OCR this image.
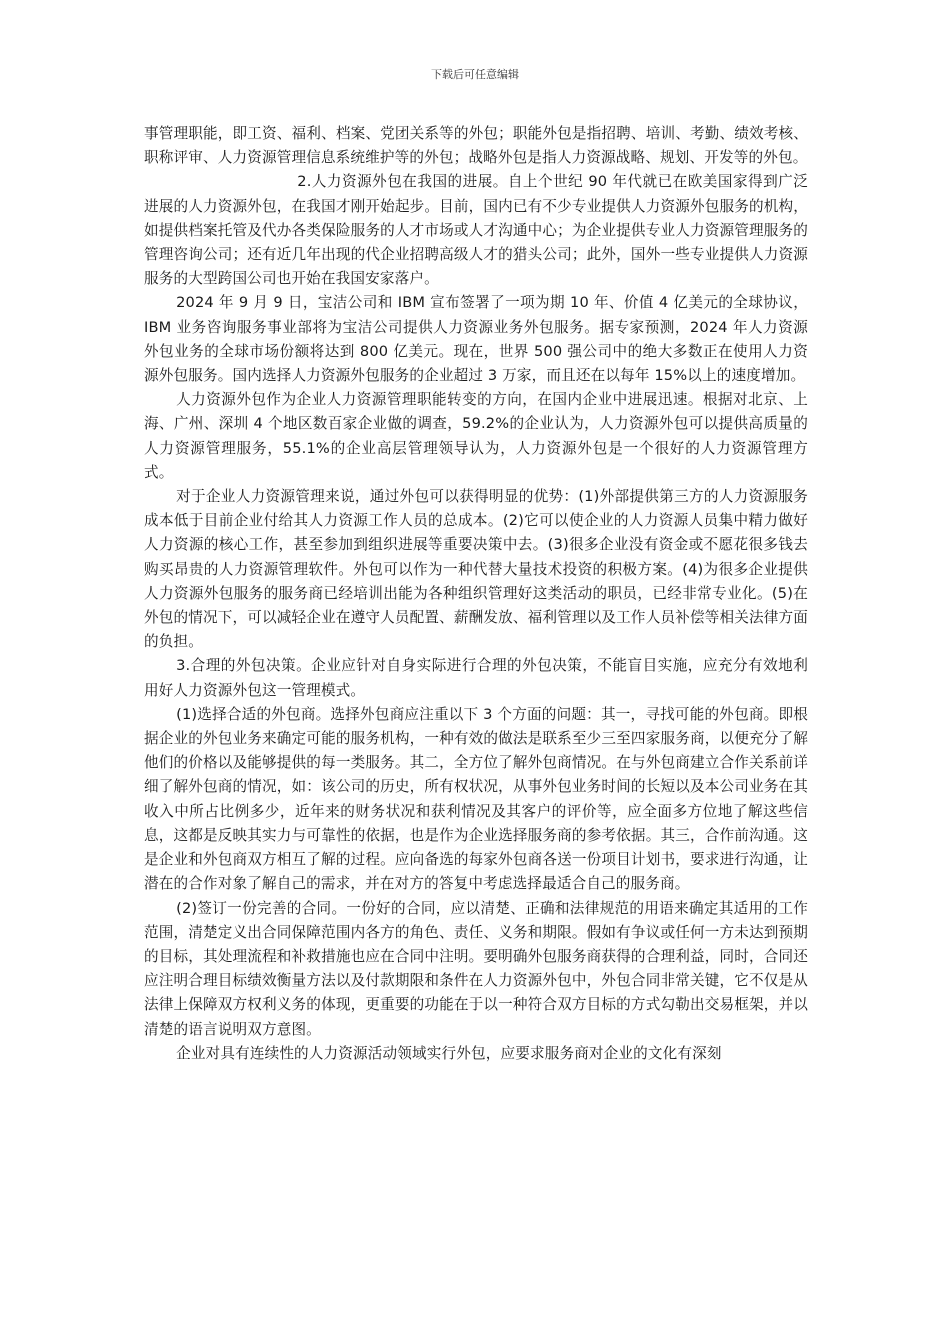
下载后可任意编辑

事管理职能，即工资、福利、档案、党团关系等的外包；职能外包是指招聘、培训、考勤、绩效考核、职称评审、人力资源管理信息系统维护等的外包；战略外包是指人力资源战略、规划、开发等的外包。

2.人力资源外包在我国的进展。自上个世纪 90 年代就已在欧美国家得到广泛进展的人力资源外包，在我国才刚开始起步。目前，国内已有不少专业提供人力资源外包服务的机构，如提供档案托管及代办各类保险服务的人才市场或人才沟通中心；为企业提供专业人力资源管理服务的管理咨询公司；还有近几年出现的代企业招聘高级人才的猎头公司；此外，国外一些专业提供人力资源服务的大型跨国公司也开始在我国安家落户。

2024 年 9 月 9 日，宝洁公司和 IBM 宣布签署了一项为期 10 年、价值 4 亿美元的全球协议，IBM 业务咨询服务事业部将为宝洁公司提供人力资源业务外包服务。据专家预测，2024 年人力资源外包业务的全球市场份额将达到 800 亿美元。现在，世界 500 强公司中的绝大多数正在使用人力资源外包服务。国内选择人力资源外包服务的企业超过 3 万家，而且还在以每年 15%以上的速度增加。

人力资源外包作为企业人力资源管理职能转变的方向，在国内企业中进展迅速。根据对北京、上海、广州、深圳 4 个地区数百家企业做的调查，59.2%的企业认为，人力资源外包可以提供高质量的人力资源管理服务，55.1%的企业高层管理领导认为，人力资源外包是一个很好的人力资源管理方式。

对于企业人力资源管理来说，通过外包可以获得明显的优势：(1)外部提供第三方的人力资源服务成本低于目前企业付给其人力资源工作人员的总成本。(2)它可以使企业的人力资源人员集中精力做好人力资源的核心工作，甚至参加到组织进展等重要决策中去。(3)很多企业没有资金或不愿花很多钱去购买昂贵的人力资源管理软件。外包可以作为一种代替大量技术投资的积极方案。(4)为很多企业提供人力资源外包服务的服务商已经培训出能为各种组织管理好这类活动的职员，已经非常专业化。(5)在外包的情况下，可以减轻企业在遵守人员配置、薪酬发放、福利管理以及工作人员补偿等相关法律方面的负担。

3.合理的外包决策。企业应针对自身实际进行合理的外包决策，不能盲目实施，应充分有效地利用好人力资源外包这一管理模式。

(1)选择合适的外包商。选择外包商应注重以下 3 个方面的问题：其一，寻找可能的外包商。即根据企业的外包业务来确定可能的服务机构，一种有效的做法是联系至少三至四家服务商，以便充分了解他们的价格以及能够提供的每一类服务。其二，全方位了解外包商情况。在与外包商建立合作关系前详细了解外包商的情况，如：该公司的历史，所有权状况，从事外包业务时间的长短以及本公司业务在其收入中所占比例多少，近年来的财务状况和获利情况及其客户的评价等，应全面多方位地了解这些信息，这都是反映其实力与可靠性的依据，也是作为企业选择服务商的参考依据。其三，合作前沟通。这是企业和外包商双方相互了解的过程。应向备选的每家外包商各送一份项目计划书，要求进行沟通，让潜在的合作对象了解自己的需求，并在对方的答复中考虑选择最适合自己的服务商。

(2)签订一份完善的合同。一份好的合同，应以清楚、正确和法律规范的用语来确定其适用的工作范围，清楚定义出合同保障范围内各方的角色、责任、义务和期限。假如有争议或任何一方未达到预期的目标，其处理流程和补救措施也应在合同中注明。要明确外包服务商获得的合理利益，同时，合同还应注明合理目标绩效衡量方法以及付款期限和条件在人力资源外包中，外包合同非常关键，它不仅是从法律上保障双方权利义务的体现，更重要的功能在于以一种符合双方目标的方式勾勒出交易框架，并以清楚的语言说明双方意图。

企业对具有连续性的人力资源活动领域实行外包，应要求服务商对企业的文化有深刻
